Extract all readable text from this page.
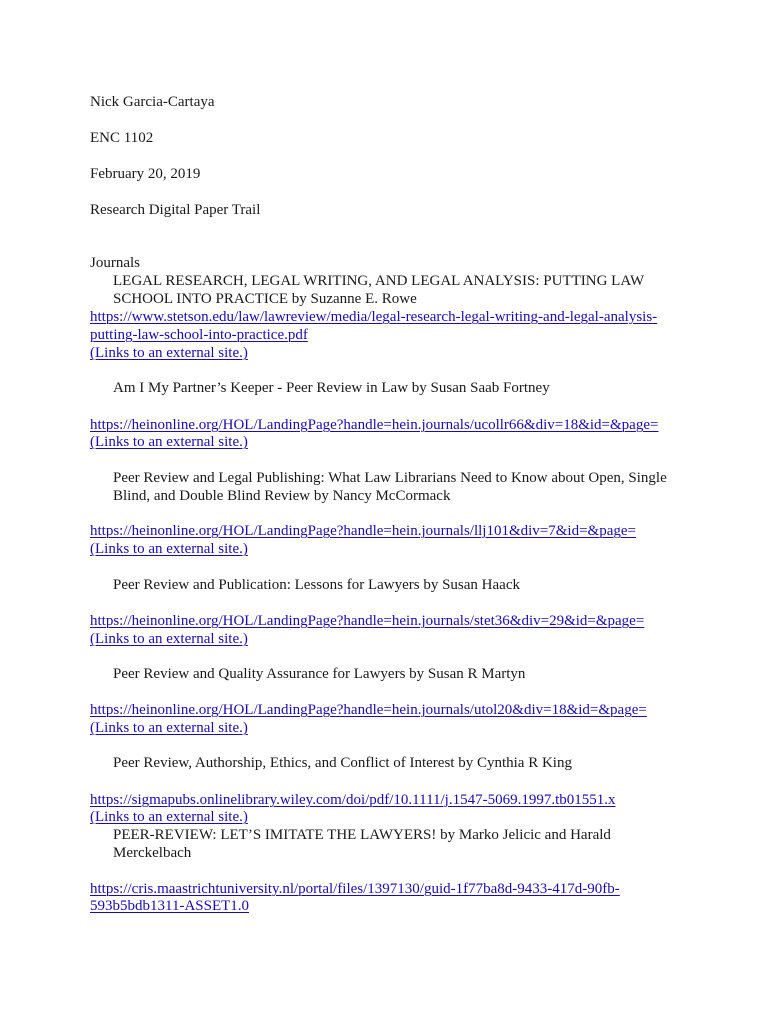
Nick Garcia-Cartaya
ENC 1102
February 20, 2019
Research Digital Paper Trail
Journals
LEGAL RESEARCH, LEGAL WRITING, AND LEGAL ANALYSIS: PUTTING LAW
SCHOOL INTO PRACTICE by Suzanne E. Rowe
https://www.stetson.edu/law/lawreview/media/legal-research-legal-writing-and-legal-analysis-
putting-law-school-into-practice.pdf
(Links to an external site.)
Am I My Partner’s Keeper - Peer Review in Law by Susan Saab Fortney
https://heinonline.org/HOL/LandingPage?handle=hein.journals/ucollr66&div=18&id=&page=
(Links to an external site.)
Peer Review and Legal Publishing: What Law Librarians Need to Know about Open, Single
Blind, and Double Blind Review by Nancy McCormack
https://heinonline.org/HOL/LandingPage?handle=hein.journals/llj101&div=7&id=&page=
(Links to an external site.)
Peer Review and Publication: Lessons for Lawyers by Susan Haack
https://heinonline.org/HOL/LandingPage?handle=hein.journals/stet36&div=29&id=&page=
(Links to an external site.)
Peer Review and Quality Assurance for Lawyers by Susan R Martyn
https://heinonline.org/HOL/LandingPage?handle=hein.journals/utol20&div=18&id=&page=
(Links to an external site.)
Peer Review, Authorship, Ethics, and Conflict of Interest by Cynthia R King
https://sigmapubs.onlinelibrary.wiley.com/doi/pdf/10.1111/j.1547-5069.1997.tb01551.x
(Links to an external site.)
PEER-REVIEW: LET’S IMITATE THE LAWYERS! by Marko Jelicic and Harald
Merckelbach
https://cris.maastrichtuniversity.nl/portal/files/1397130/guid-1f77ba8d-9433-417d-90fb-
593b5bdb1311-ASSET1.0
